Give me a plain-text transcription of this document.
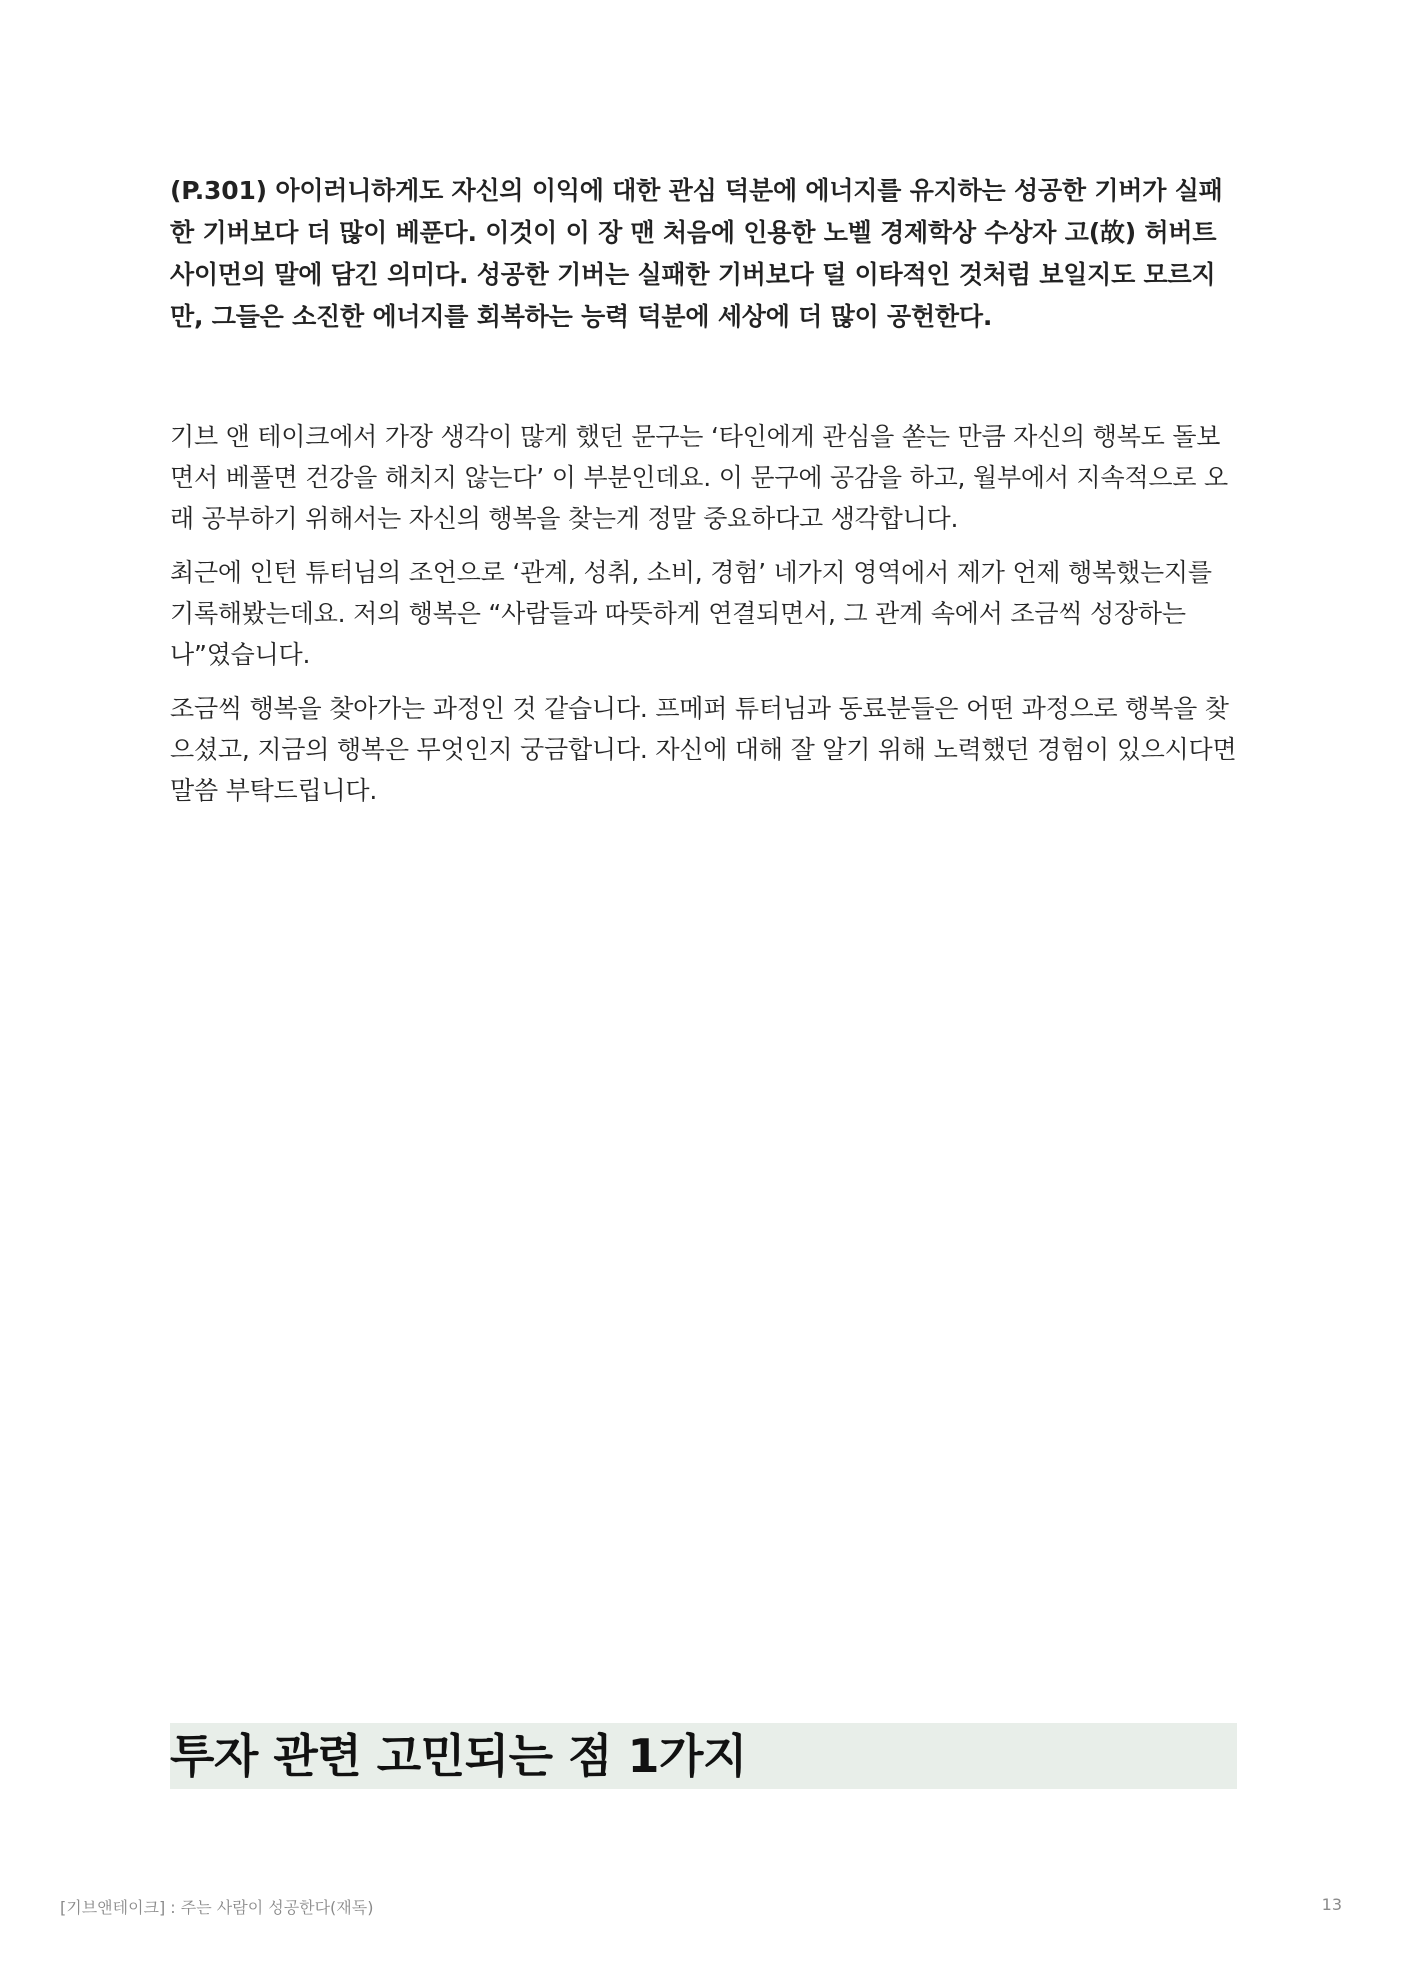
(P.301) 아이러니하게도 자신의 이익에 대한 관심 덕분에 에너지를 유지하는 성공한 기버가 실패한 기버보다 더 많이 베푼다. 이것이 이 장 맨 처음에 인용한 노벨 경제학상 수상자 고(故) 허버트 사이먼의 말에 담긴 의미다. 성공한 기버는 실패한 기버보다 덜 이타적인 것처럼 보일지도 모르지만, 그들은 소진한 에너지를 회복하는 능력 덕분에 세상에 더 많이 공헌한다.

기브 앤 테이크에서 가장 생각이 많게 했던 문구는 ‘타인에게 관심을 쏟는 만큼 자신의 행복도 돌보면서 베풀면 건강을 해치지 않는다’ 이 부분인데요. 이 문구에 공감을 하고, 월부에서 지속적으로 오래 공부하기 위해서는 자신의 행복을 찾는게 정말 중요하다고 생각합니다.

최근에 인턴 튜터님의 조언으로 ‘관계, 성취, 소비, 경험’ 네가지 영역에서 제가 언제 행복했는지를 기록해봤는데요. 저의 행복은 “사람들과 따뜻하게 연결되면서, 그 관계 속에서 조금씩 성장하는 나”였습니다.

조금씩 행복을 찾아가는 과정인 것 같습니다. 프메퍼 튜터님과 동료분들은 어떤 과정으로 행복을 찾으셨고, 지금의 행복은 무엇인지 궁금합니다. 자신에 대해 잘 알기 위해 노력했던 경험이 있으시다면 말씀 부탁드립니다.

투자 관련 고민되는 점 1가지
[기브앤테이크] : 주는 사람이 성공한다(재독)	13
